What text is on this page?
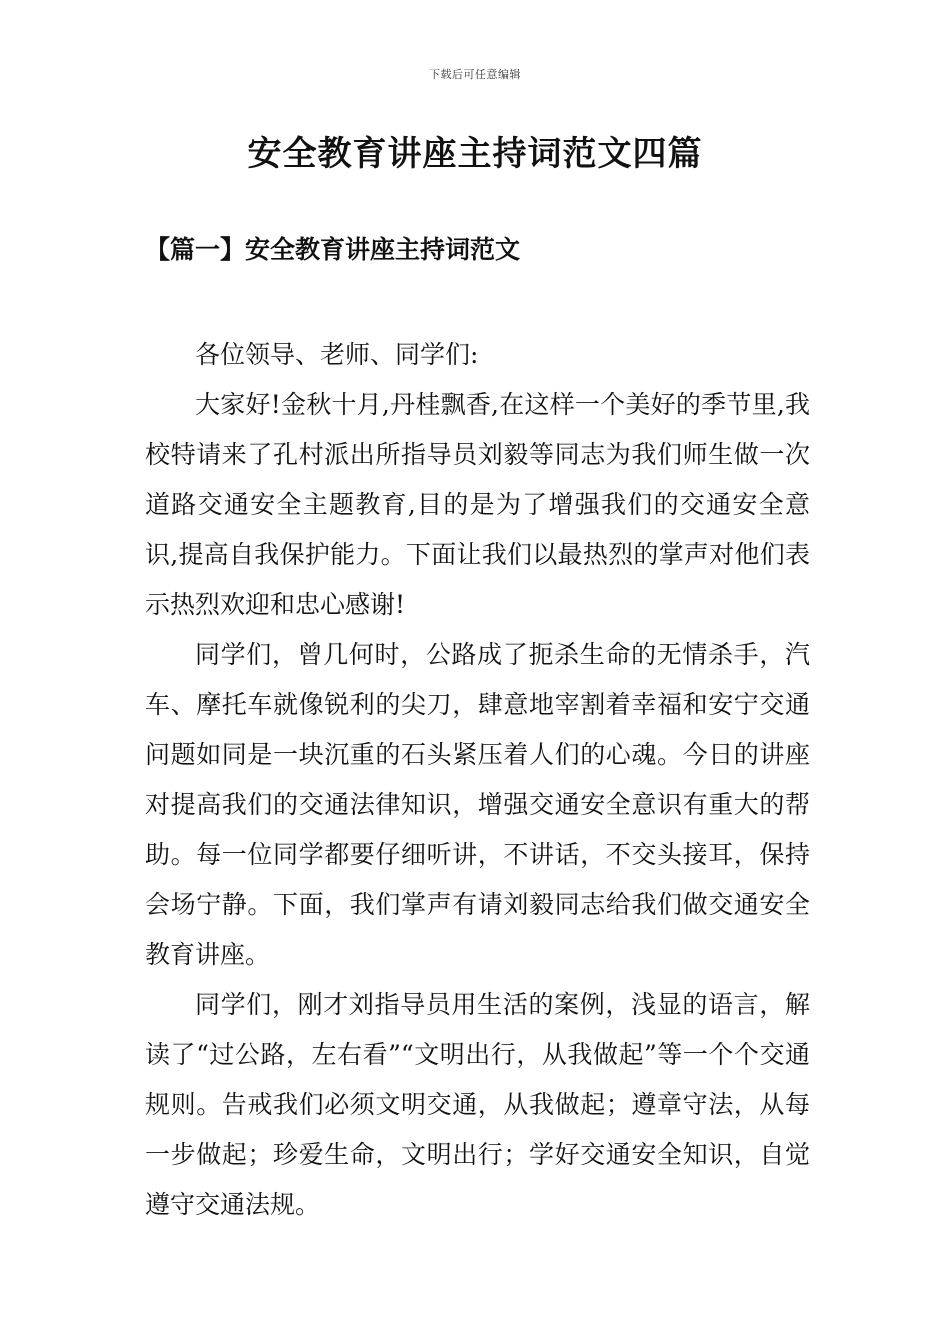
下载后可任意编辑
安全教育讲座主持词范文四篇
【篇一】安全教育讲座主持词范文

各位领导、老师、同学们:

大家好!金秋十月,丹桂飘香,在这样一个美好的季节里,我校特请来了孔村派出所指导员刘毅等同志为我们师生做一次道路交通安全主题教育,目的是为了增强我们的交通安全意识,提高自我保护能力。下面让我们以最热烈的掌声对他们表示热烈欢迎和忠心感谢!

同学们，曾几何时，公路成了扼杀生命的无情杀手，汽车、摩托车就像锐利的尖刀，肆意地宰割着幸福和安宁交通问题如同是一块沉重的石头紧压着人们的心魂。今日的讲座对提高我们的交通法律知识，增强交通安全意识有重大的帮助。每一位同学都要仔细听讲，不讲话，不交头接耳，保持会场宁静。下面，我们掌声有请刘毅同志给我们做交通安全教育讲座。

同学们，刚才刘指导员用生活的案例，浅显的语言，解读了“过公路，左右看”“文明出行，从我做起”等一个个交通规则。告戒我们必须文明交通，从我做起；遵章守法，从每一步做起；珍爱生命，文明出行；学好交通安全知识，自觉遵守交通法规。
